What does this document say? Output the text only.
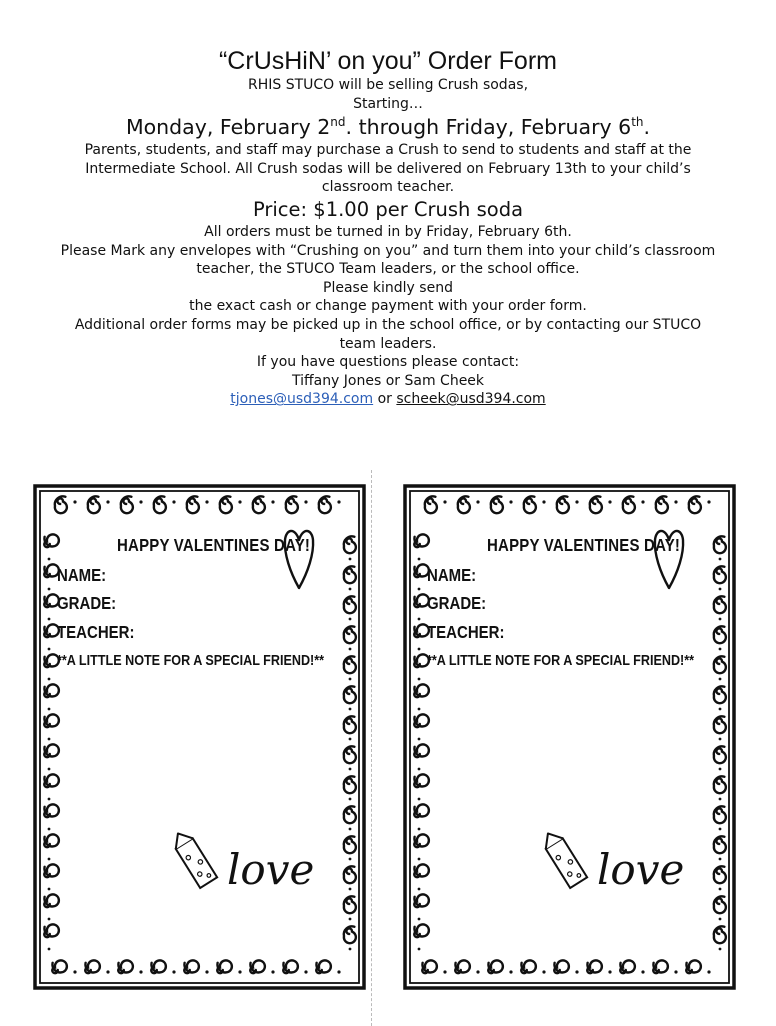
“CrUsHiN’ on you” Order Form
RHIS STUCO will be selling Crush sodas,
Starting…
Monday, February 2nd. through Friday, February 6th.
Parents, students, and staff may purchase a Crush to send to students and staff at the
Intermediate School. All Crush sodas will be delivered on February 13th to your child’s
classroom teacher.
Price: $1.00 per Crush soda
All orders must be turned in by Friday, February 6th.
Please Mark any envelopes with “Crushing on you” and turn them into your child’s classroom
teacher, the STUCO Team leaders, or the school office.
Please kindly send
the exact cash or change payment with your order form.
Additional order forms may be picked up in the school office, or by contacting our STUCO
team leaders.
If you have questions please contact:
Tiffany Jones or Sam Cheek
tjones@usd394.com or scheek@usd394.com
HAPPY VALENTINES DAY!
NAME:
GRADE:
TEACHER:
**A LITTLE NOTE FOR A SPECIAL FRIEND!**
love
HAPPY VALENTINES DAY!
NAME:
GRADE:
TEACHER:
**A LITTLE NOTE FOR A SPECIAL FRIEND!**
love
